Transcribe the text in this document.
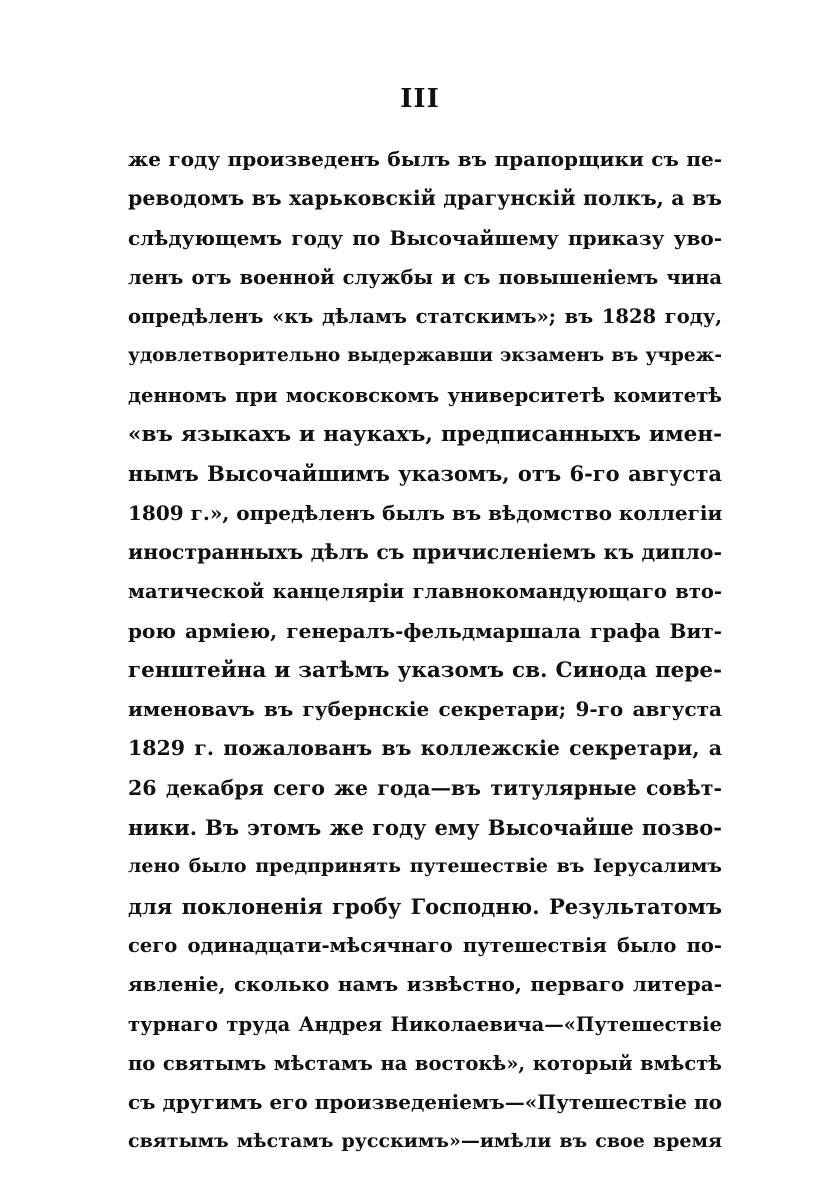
III
же году произведенъ былъ въ прапорщики съ пе-
реводомъ въ харьковскій драгунскій полкъ, а въ
слѣдующемъ году по Высочайшему приказу уво-
ленъ отъ военной службы и съ повышеніемъ чина
опредѣленъ «къ дѣламъ статскимъ»; въ 1828 году,
удовлетворительно выдержавши экзаменъ въ учреж-
денномъ при московскомъ университетѣ комитетѣ
«въ языкахъ и наукахъ, предписанныхъ имен-
нымъ Высочайшимъ указомъ, отъ 6-го августа
1809 г.», опредѣленъ былъ въ вѣдомство коллегіи
иностранныхъ дѣлъ съ причисленіемъ къ дипло-
матической канцеляріи главнокомандующаго вто-
рою арміею, генералъ-фельдмаршала графа Вит-
генштейна и затѣмъ указомъ св. Синода пере-
именоваvъ въ губернскіе секретари; 9-го августа
1829 г. пожалованъ въ коллежскіе секретари, а
26 декабря сего же года—въ титулярные совѣт-
ники. Въ этомъ же году ему Высочайше позво-
лено было предпринять путешествіе въ Іерусалимъ
для поклоненія гробу Господню. Результатомъ
сего одинадцати-мѣсячнаго путешествія было по-
явленіе, сколько намъ извѣстно, перваго литера-
турнаго труда Андрея Николаевича—«Путешествіе
по святымъ мѣстамъ на востокѣ», который вмѣстѣ
съ другимъ его произведеніемъ—«Путешествіе по
святымъ мѣстамъ русскимъ»—имѣли въ свое время
